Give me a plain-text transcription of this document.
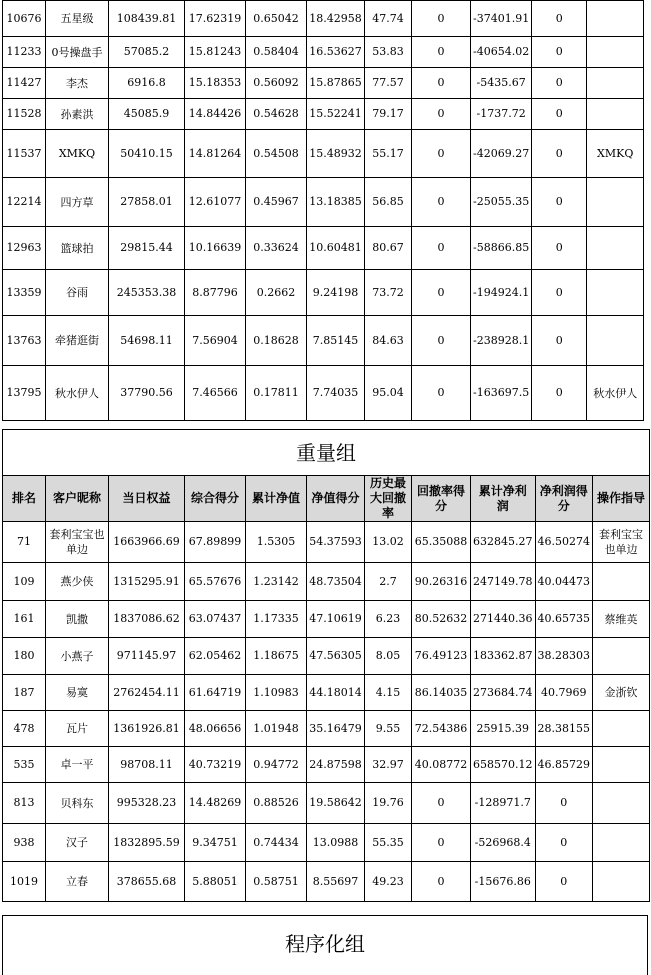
10676	五星级	108439.81	17.62319	0.65042	18.42958	47.74	0	-37401.91	0	
11233	0号操盘手	57085.2	15.81243	0.58404	16.53627	53.83	0	-40654.02	0	
11427	李杰	6916.8	15.18353	0.56092	15.87865	77.57	0	-5435.67	0	
11528	孙素洪	45085.9	14.84426	0.54628	15.52241	79.17	0	-1737.72	0	
11537	XMKQ	50410.15	14.81264	0.54508	15.48932	55.17	0	-42069.27	0	XMKQ
12214	四方草	27858.01	12.61077	0.45967	13.18385	56.85	0	-25055.35	0	
12963	篮球拍	29815.44	10.16639	0.33624	10.60481	80.67	0	-58866.85	0	
13359	谷雨	245353.38	8.87796	0.2662	9.24198	73.72	0	-194924.1	0	
13763	牵猪逛街	54698.11	7.56904	0.18628	7.85145	84.63	0	-238928.1	0	
13795	秋水伊人	37790.56	7.46566	0.17811	7.74035	95.04	0	-163697.5	0	秋水伊人
重量组										
排名	客户昵称	当日权益	综合得分	累计净值	净值得分	历史最大回撤率	回撤率得分	累计净利润	净利润得分	操作指导
71	套利宝宝也单边	1663966.69	67.89899	1.5305	54.37593	13.02	65.35088	632845.27	46.50274	套利宝宝也单边
109	燕少侠	1315295.91	65.57676	1.23142	48.73504	2.7	90.26316	247149.78	40.04473	
161	凯撒	1837086.62	63.07437	1.17335	47.10619	6.23	80.52632	271440.36	40.65735	蔡维英
180	小燕子	971145.97	62.05462	1.18675	47.56305	8.05	76.49123	183362.87	38.28303	
187	易寞	2762454.11	61.64719	1.10983	44.18014	4.15	86.14035	273684.74	40.7969	金浙钦
478	瓦片	1361926.81	48.06656	1.01948	35.16479	9.55	72.54386	25915.39	28.38155	
535	卓一平	98708.11	40.73219	0.94772	24.87598	32.97	40.08772	658570.12	46.85729	
813	贝科东	995328.23	14.48269	0.88526	19.58642	19.76	0	-128971.7	0	
938	汉子	1832895.59	9.34751	0.74434	13.0988	55.35	0	-526968.4	0	
1019	立春	378655.68	5.88051	0.58751	8.55697	49.23	0	-15676.86	0	
程序化组
